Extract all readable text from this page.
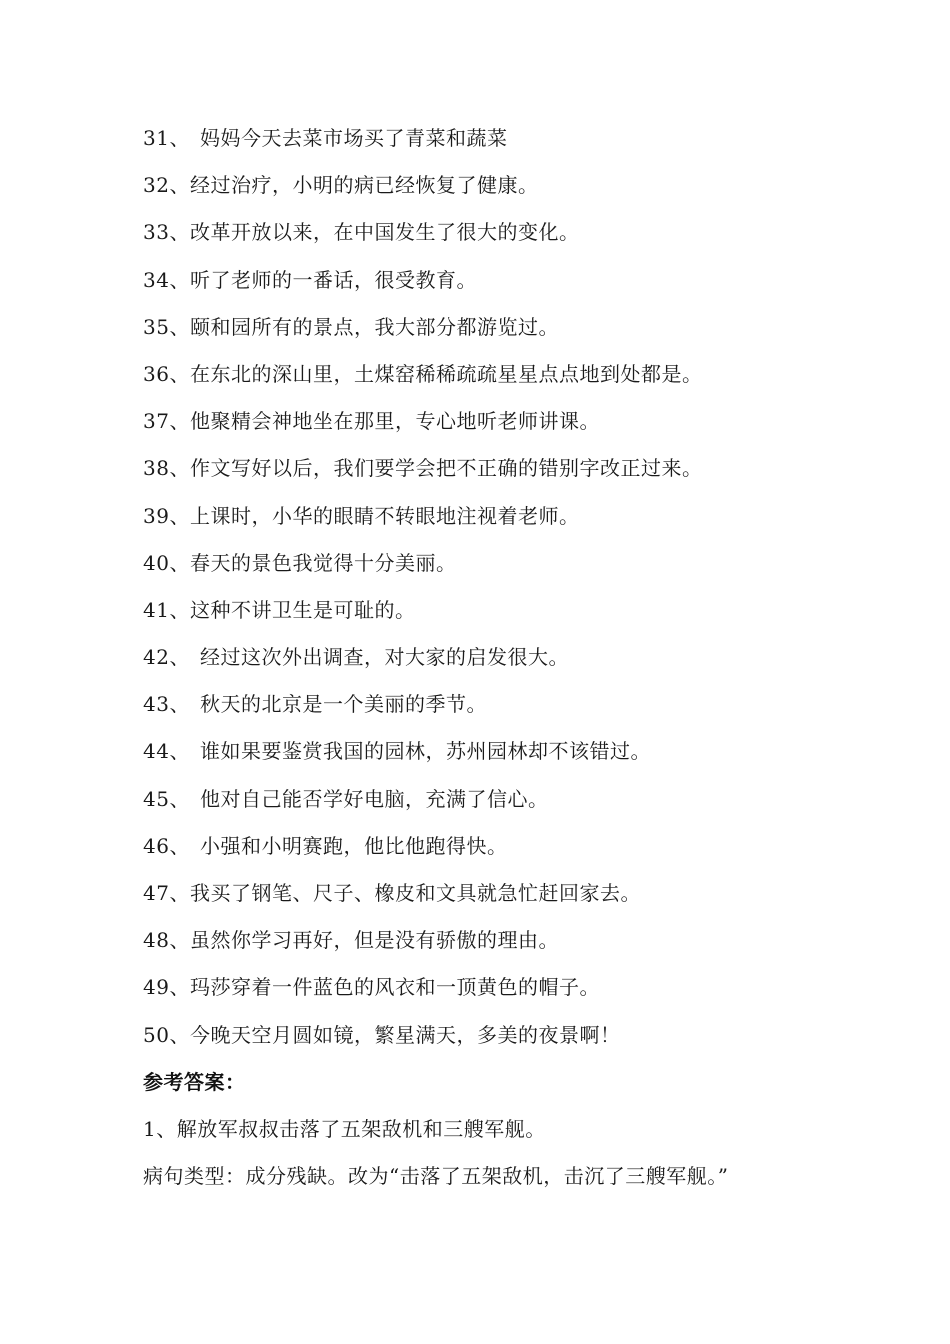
31、 妈妈今天去菜市场买了青菜和蔬菜
32、经过治疗，小明的病已经恢复了健康。
33、改革开放以来，在中国发生了很大的变化。
34、听了老师的一番话，很受教育。
35、颐和园所有的景点，我大部分都游览过。
36、在东北的深山里，土煤窑稀稀疏疏星星点点地到处都是。
37、他聚精会神地坐在那里，专心地听老师讲课。
38、作文写好以后，我们要学会把不正确的错别字改正过来。
39、上课时，小华的眼睛不转眼地注视着老师。
40、春天的景色我觉得十分美丽。
41、这种不讲卫生是可耻的。
42、 经过这次外出调查，对大家的启发很大。
43、 秋天的北京是一个美丽的季节。
44、 谁如果要鉴赏我国的园林，苏州园林却不该错过。
45、 他对自己能否学好电脑，充满了信心。
46、 小强和小明赛跑，他比他跑得快。
47、我买了钢笔、尺子、橡皮和文具就急忙赶回家去。
48、虽然你学习再好，但是没有骄傲的理由。
49、玛莎穿着一件蓝色的风衣和一顶黄色的帽子。
50、今晚天空月圆如镜，繁星满天，多美的夜景啊！
参考答案：
1、解放军叔叔击落了五架敌机和三艘军舰。
病句类型：成分残缺。改为“击落了五架敌机，击沉了三艘军舰。”
